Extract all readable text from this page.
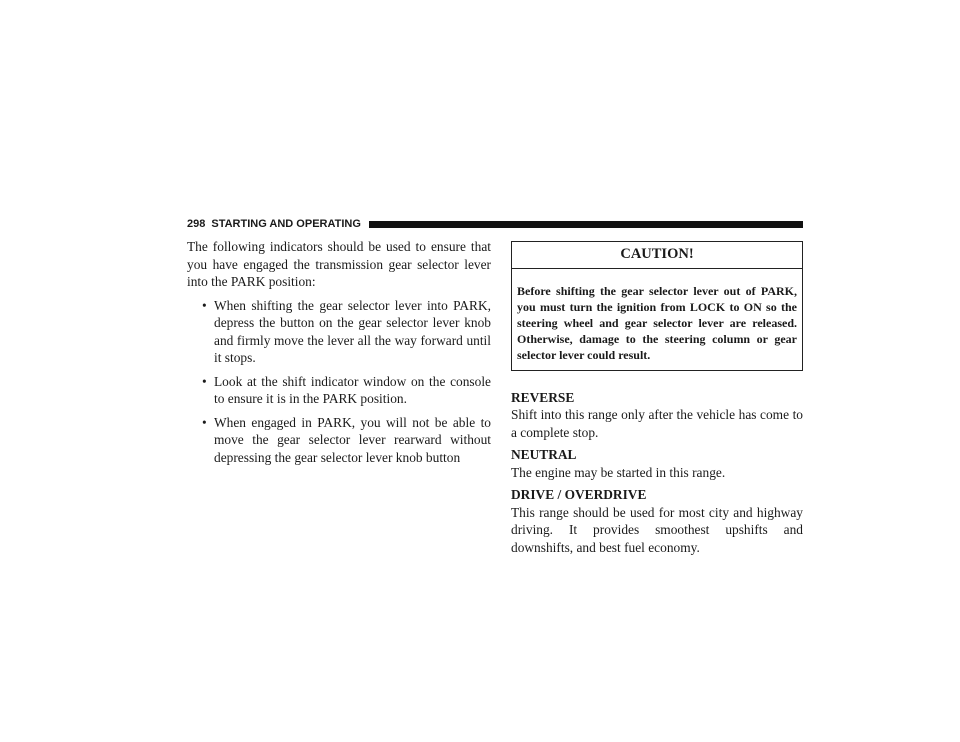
298 STARTING AND OPERATING

The following indicators should be used to ensure that you have engaged the transmission gear selector lever into the PARK position:

• When shifting the gear selector lever into PARK, depress the button on the gear selector lever knob and firmly move the lever all the way forward until it stops.
• Look at the shift indicator window on the console to ensure it is in the PARK position.
• When engaged in PARK, you will not be able to move the gear selector lever rearward without depressing the gear selector lever knob button
CAUTION!
Before shifting the gear selector lever out of PARK, you must turn the ignition from LOCK to ON so the steering wheel and gear selector lever are released. Otherwise, damage to the steering column or gear selector lever could result.
REVERSE

Shift into this range only after the vehicle has come to a complete stop.

NEUTRAL

The engine may be started in this range.

DRIVE / OVERDRIVE

This range should be used for most city and highway driving. It provides smoothest upshifts and downshifts, and best fuel economy.
